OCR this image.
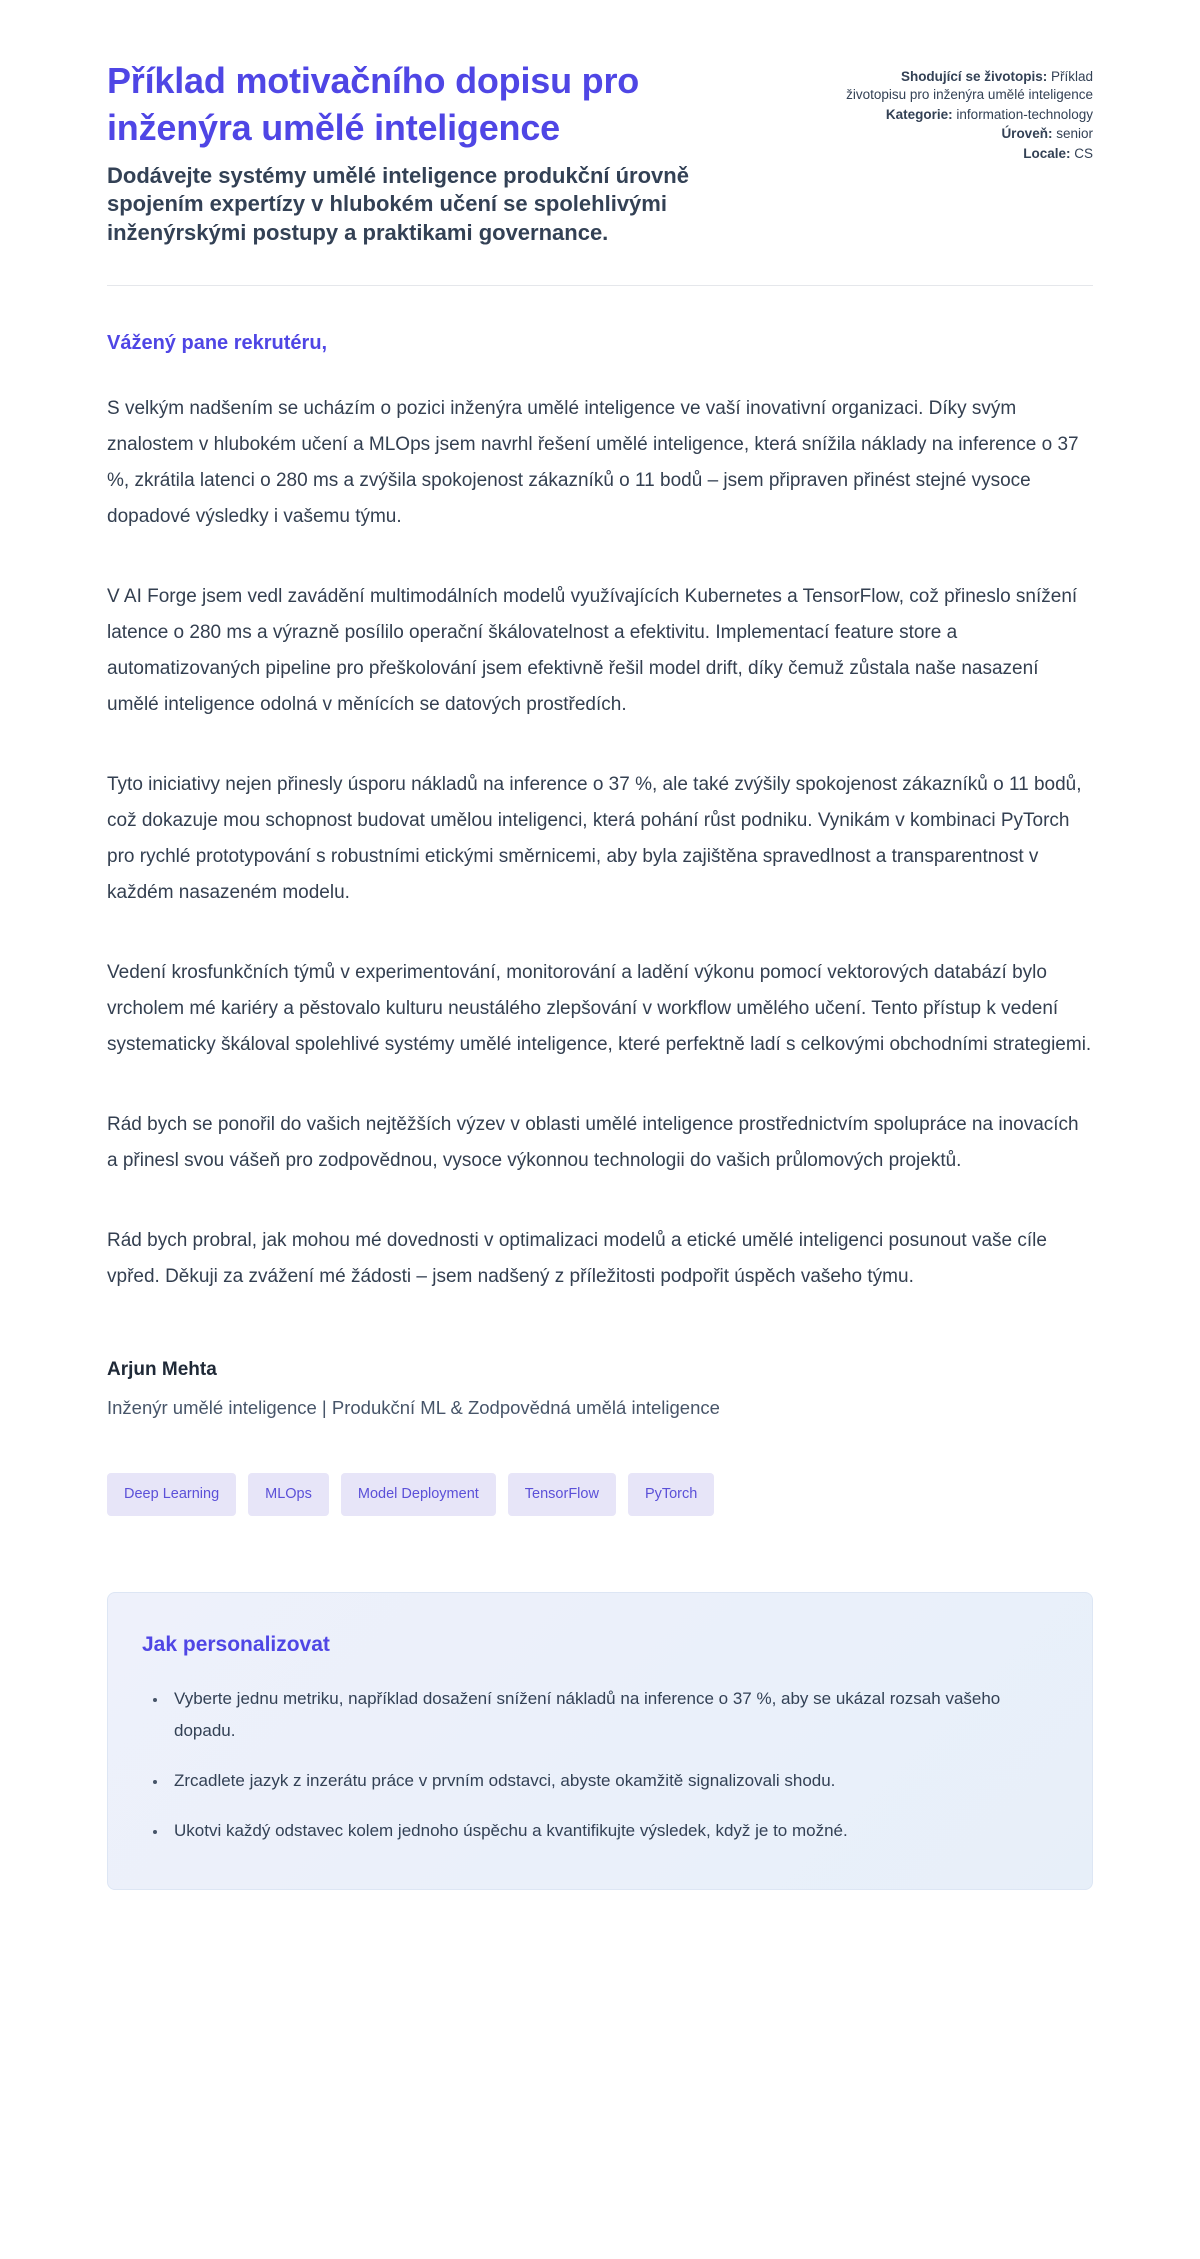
Příklad motivačního dopisu pro inženýra umělé inteligence

Dodávejte systémy umělé inteligence produkční úrovně spojením expertízy v hlubokém učení se spolehlivými inženýrskými postupy a praktikami governance.

Shodující se životopis: Příklad životopisu pro inženýra umělé inteligence
Kategorie: information-technology
Úroveň: senior
Locale: CS

Vážený pane rekrutéru,

S velkým nadšením se ucházím o pozici inženýra umělé inteligence ve vaší inovativní organizaci. Díky svým znalostem v hlubokém učení a MLOps jsem navrhl řešení umělé inteligence, která snížila náklady na inference o 37 %, zkrátila latenci o 280 ms a zvýšila spokojenost zákazníků o 11 bodů – jsem připraven přinést stejné vysoce dopadové výsledky i vašemu týmu.

V AI Forge jsem vedl zavádění multimodálních modelů využívajících Kubernetes a TensorFlow, což přineslo snížení latence o 280 ms a výrazně posílilo operační škálovatelnost a efektivitu. Implementací feature store a automatizovaných pipeline pro přeškolování jsem efektivně řešil model drift, díky čemuž zůstala naše nasazení umělé inteligence odolná v měnících se datových prostředích.

Tyto iniciativy nejen přinesly úsporu nákladů na inference o 37 %, ale také zvýšily spokojenost zákazníků o 11 bodů, což dokazuje mou schopnost budovat umělou inteligenci, která pohání růst podniku. Vynikám v kombinaci PyTorch pro rychlé prototypování s robustními etickými směrnicemi, aby byla zajištěna spravedlnost a transparentnost v každém nasazeném modelu.

Vedení krosfunkčních týmů v experimentování, monitorování a ladění výkonu pomocí vektorových databází bylo vrcholem mé kariéry a pěstovalo kulturu neustálého zlepšování v workflow umělého učení. Tento přístup k vedení systematicky škáloval spolehlivé systémy umělé inteligence, které perfektně ladí s celkovými obchodními strategiemi.

Rád bych se ponořil do vašich nejtěžších výzev v oblasti umělé inteligence prostřednictvím spolupráce na inovacích a přinesl svou vášeň pro zodpovědnou, vysoce výkonnou technologii do vašich průlomových projektů.

Rád bych probral, jak mohou mé dovednosti v optimalizaci modelů a etické umělé inteligenci posunout vaše cíle vpřed. Děkuji za zvážení mé žádosti – jsem nadšený z příležitosti podpořit úspěch vašeho týmu.

Arjun Mehta

Inženýr umělé inteligence | Produkční ML & Zodpovědná umělá inteligence

Deep Learning	MLOps	Model Deployment	TensorFlow	PyTorch
Jak personalizovat
• Vyberte jednu metriku, například dosažení snížení nákladů na inference o 37 %, aby se ukázal rozsah vašeho dopadu.
• Zrcadlete jazyk z inzerátu práce v prvním odstavci, abyste okamžitě signalizovali shodu.
• Ukotvi každý odstavec kolem jednoho úspěchu a kvantifikujte výsledek, když je to možné.
